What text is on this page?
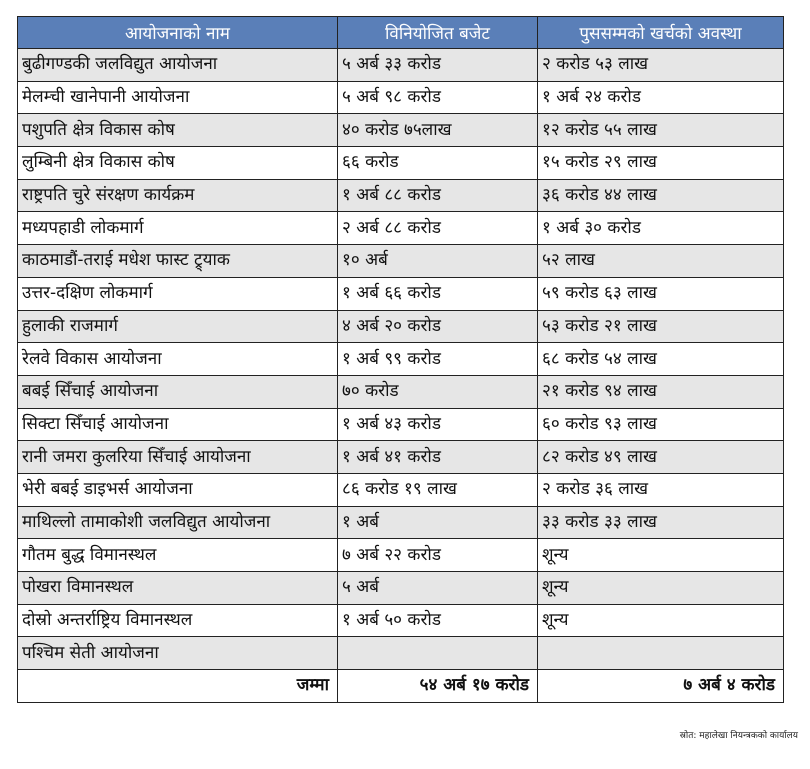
आयोजनाको नाम	विनियोजित बजेट	पुससम्मको खर्चको अवस्था
बुढीगण्डकी जलविद्युत आयोजना	५ अर्ब ३३ करोड	२ करोड ५३ लाख
मेलम्ची खानेपानी आयोजना	५ अर्ब ९८ करोड	१ अर्ब २४ करोड
पशुपति क्षेत्र विकास कोष	४० करोड ७५लाख	१२ करोड ५५ लाख
लुम्बिनी क्षेत्र विकास कोष	६६ करोड	१५ करोड २९ लाख
राष्ट्रपति चुरे संरक्षण कार्यक्रम	१ अर्ब ८८ करोड	३६ करोड ४४ लाख
मध्यपहाडी लोकमार्ग	२ अर्ब ८८ करोड	१ अर्ब ३० करोड
काठमाडौं-तराई मधेश फास्ट ट्र्याक	१० अर्ब	५२ लाख
उत्तर-दक्षिण लोकमार्ग	१ अर्ब ६६ करोड	५९ करोड ६३ लाख
हुलाकी राजमार्ग	४ अर्ब २० करोड	५३ करोड २१ लाख
रेलवे विकास आयोजना	१ अर्ब ९९ करोड	६८ करोड ५४ लाख
बबई सिँचाई आयोजना	७० करोड	२१ करोड ९४ लाख
सिक्टा सिँचाई आयोजना	१ अर्ब ४३ करोड	६० करोड ९३ लाख
रानी जमरा कुलरिया सिँचाई आयोजना	१ अर्ब ४१ करोड	८२ करोड ४९ लाख
भेरी बबई डाइभर्स आयोजना	८६ करोड १९ लाख	२ करोड ३६ लाख
माथिल्लो तामाकोशी जलविद्युत आयोजना	१ अर्ब	३३ करोड ३३ लाख
गौतम बुद्ध विमानस्थल	७ अर्ब २२ करोड	शून्य
पोखरा विमानस्थल	५ अर्ब	शून्य
दोस्रो अन्तर्राष्ट्रिय विमानस्थल	१ अर्ब ५० करोड	शून्य
पश्चिम सेती आयोजना		
जम्मा	५४ अर्ब १७ करोड	७ अर्ब ४ करोड
स्रोत: महालेखा नियन्त्रकको कार्यालय
